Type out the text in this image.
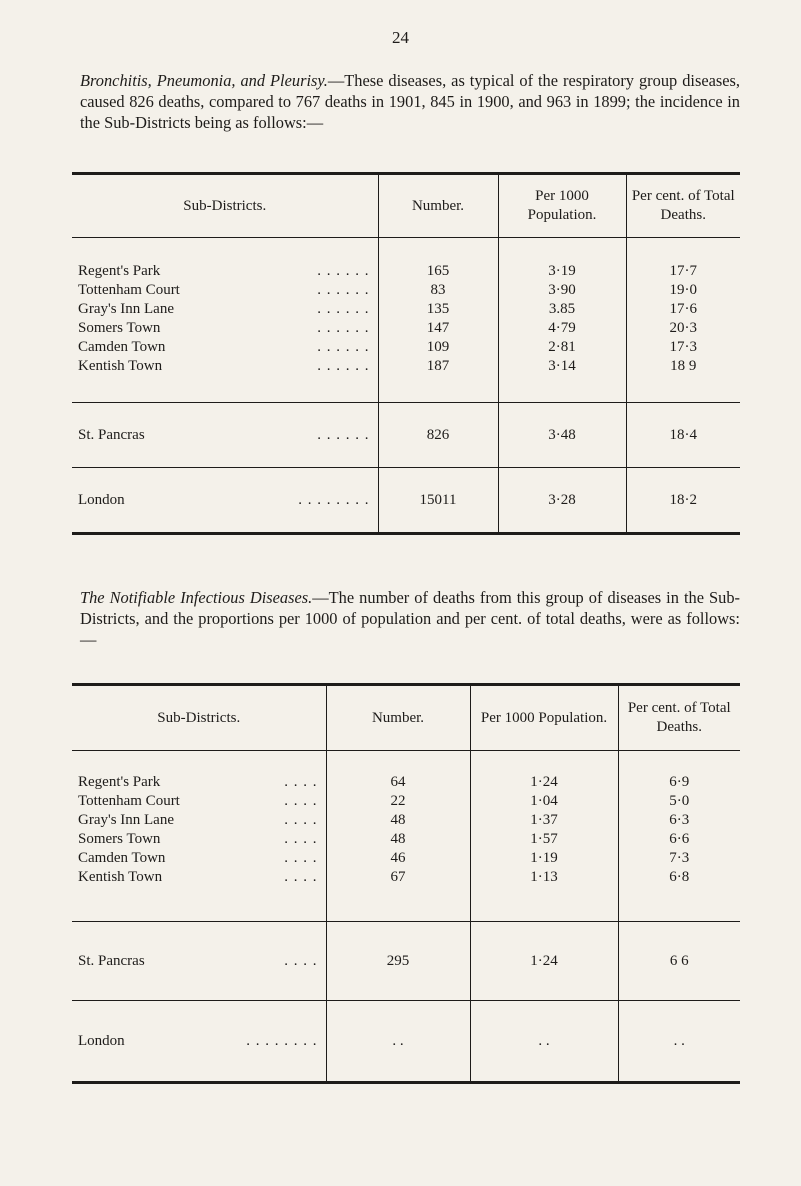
24

Bronchitis, Pneumonia, and Pleurisy.—These diseases, as typical of the respiratory group diseases, caused 826 deaths, compared to 767 deaths in 1901, 845 in 1900, and 963 in 1899; the incidence in the Sub-Districts being as follows:—

Sub-Districts.	Number.	Per 1000 Population.	Per cent. of Total Deaths.
Regent's Park . . . . . .	165	3·19	17·7
Tottenham Court . . . . . .	83	3·90	19·0
Gray's Inn Lane . . . . . .	135	3.85	17·6
Somers Town . . . . . .	147	4·79	20·3
Camden Town . . . . . .	109	2·81	17·3
Kentish Town . . . . . .	187	3·14	18 9
St. Pancras . . . . . .	826	3·48	18·4
London . . . . . . . .	15011	3·28	18·2

The Notifiable Infectious Diseases.—The number of deaths from this group of diseases in the Sub-Districts, and the proportions per 1000 of population and per cent. of total deaths, were as follows:—

Sub-Districts.	Number.	Per 1000 Population.	Per cent. of Total Deaths.
Regent's Park . . . .	64	1·24	6·9
Tottenham Court . . . .	22	1·04	5·0
Gray's Inn Lane . . . .	48	1·37	6·3
Somers Town . . . .	48	1·57	6·6
Camden Town . . . .	46	1·19	7·3
Kentish Town . . . .	67	1·13	6·8
St. Pancras . . . .	295	1·24	6 6
London . . . . . . . .	. .	. .	. .
